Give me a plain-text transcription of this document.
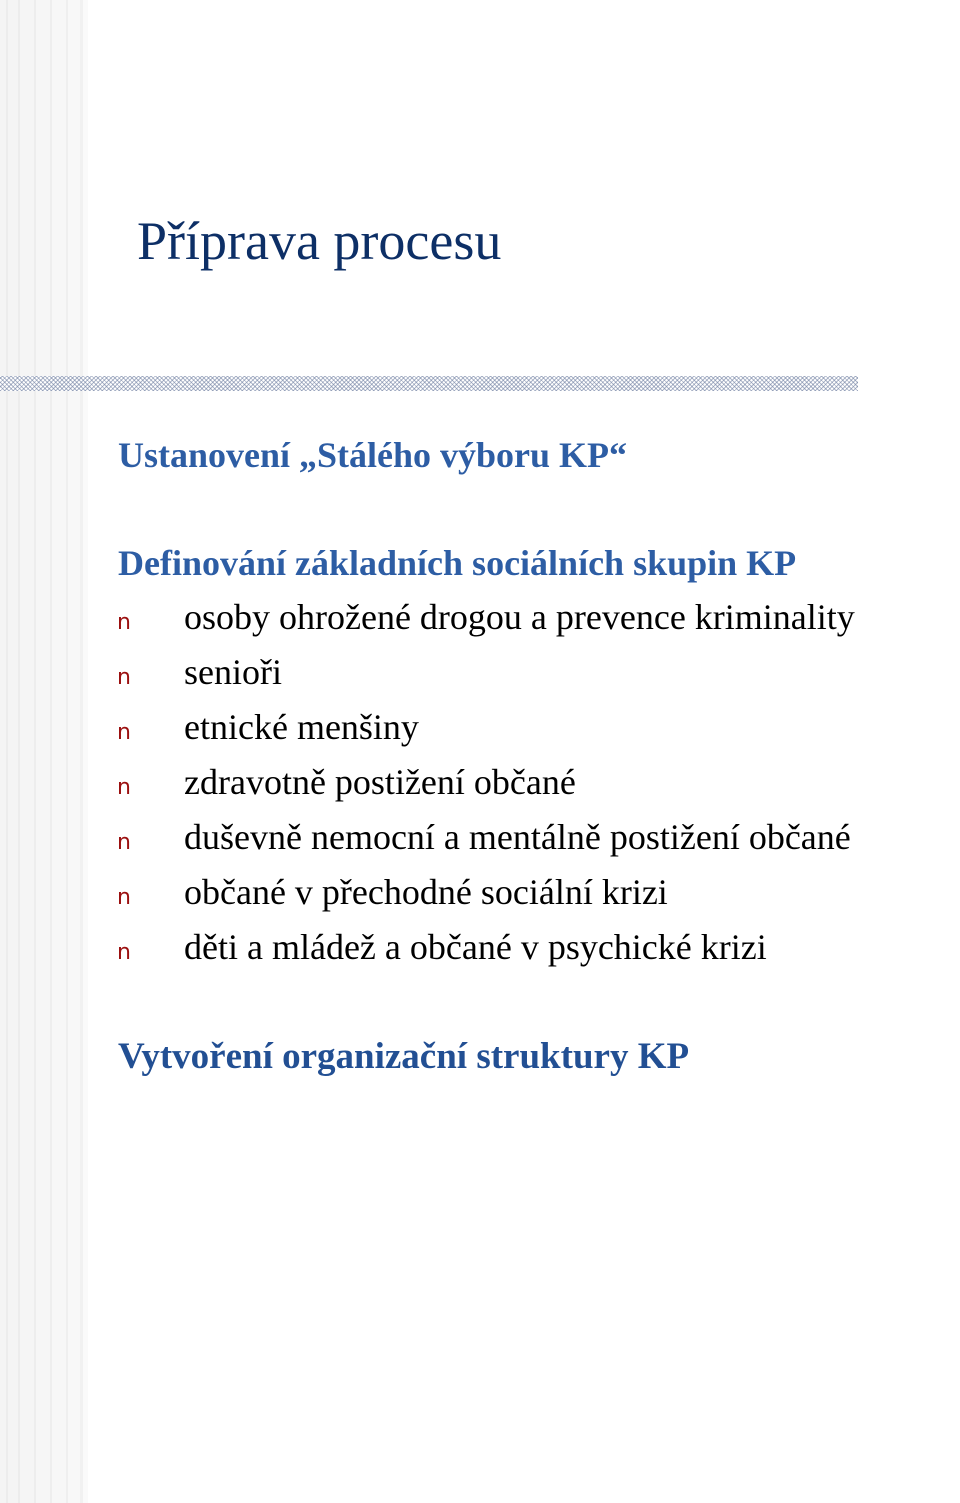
Příprava procesu
Ustanovení „Stálého výboru KP“
Definování základních sociálních skupin KP
n osoby ohrožené drogou a prevence kriminality
n senioři
n etnické menšiny
n zdravotně postižení občané
n duševně nemocní a mentálně postižení občané
n občané v přechodné sociální krizi
n děti a mládež a občané v psychické krizi
Vytvoření organizační struktury KP
